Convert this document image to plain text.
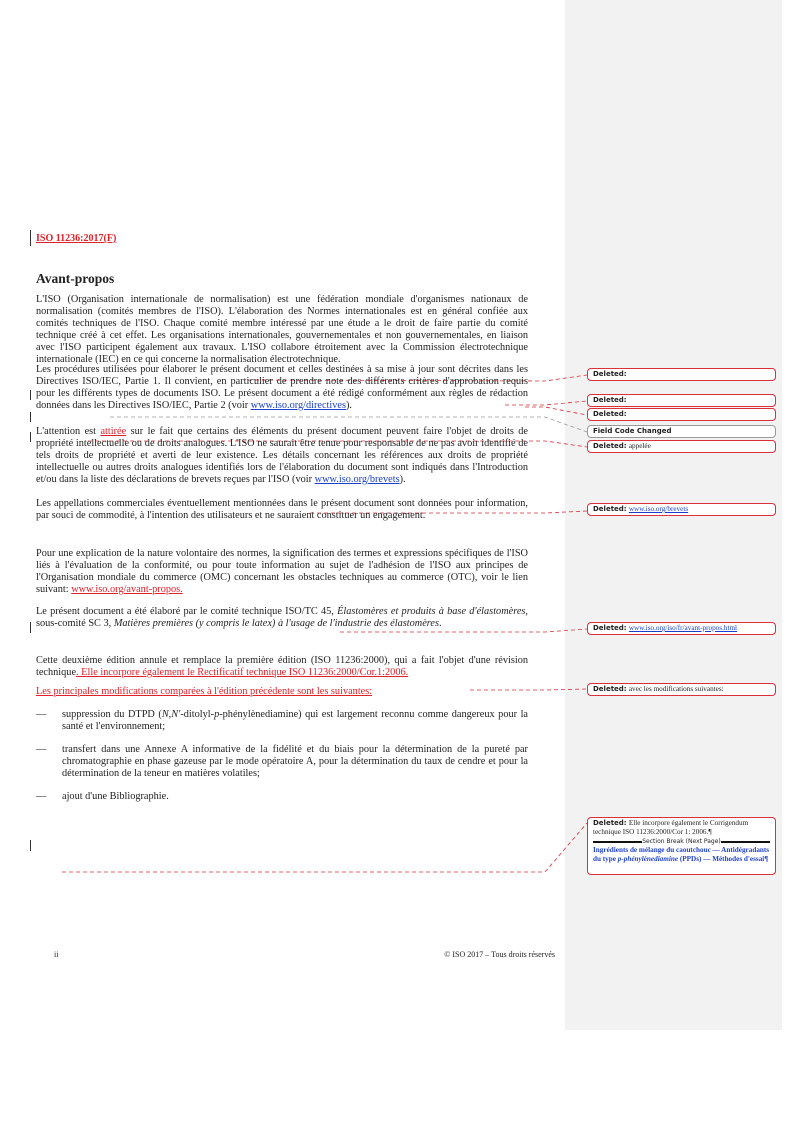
ISO 11236:2017(F)
Avant-propos
L'ISO (Organisation internationale de normalisation) est une fédération mondiale d'organismes nationaux de normalisation (comités membres de l'ISO). L'élaboration des Normes internationales est en général confiée aux comités techniques de l'ISO. Chaque comité membre intéressé par une étude a le droit de faire partie du comité technique créé à cet effet. Les organisations internationales, gouvernementales et non gouvernementales, en liaison avec l'ISO participent également aux travaux. L'ISO collabore étroitement avec la Commission électrotechnique internationale (IEC) en ce qui concerne la normalisation électrotechnique.
Les procédures utilisées pour élaborer le présent document et celles destinées à sa mise à jour sont décrites dans les Directives ISO/IEC, Partie 1. Il convient, en particulier de prendre note des différents critères d'approbation requis pour les différents types de documents ISO. Le présent document a été rédigé conformément aux règles de rédaction données dans les Directives ISO/IEC, Partie 2 (voir www.iso.org/directives).
L'attention est attirée sur le fait que certains des éléments du présent document peuvent faire l'objet de droits de propriété intellectuelle ou de droits analogues. L'ISO ne saurait être tenue pour responsable de ne pas avoir identifié de tels droits de propriété et averti de leur existence. Les détails concernant les références aux droits de propriété intellectuelle ou autres droits analogues identifiés lors de l'élaboration du document sont indiqués dans l'Introduction et/ou dans la liste des déclarations de brevets reçues par l'ISO (voir www.iso.org/brevets).
Les appellations commerciales éventuellement mentionnées dans le présent document sont données pour information, par souci de commodité, à l'intention des utilisateurs et ne sauraient constituer un engagement.
Pour une explication de la nature volontaire des normes, la signification des termes et expressions spécifiques de l'ISO liés à l'évaluation de la conformité, ou pour toute information au sujet de l'adhésion de l'ISO aux principes de l'Organisation mondiale du commerce (OMC) concernant les obstacles techniques au commerce (OTC), voir le lien suivant: www.iso.org/avant-propos.
Le présent document a été élaboré par le comité technique ISO/TC 45, Élastomères et produits à base d'élastomères, sous-comité SC 3, Matières premières (y compris le latex) à l'usage de l'industrie des élastomères.
Cette deuxième édition annule et remplace la première édition (ISO 11236:2000), qui a fait l'objet d'une révision technique. Elle incorpore également le Rectificatif technique ISO 11236:2000/Cor.1:2006.
Les principales modifications comparées à l'édition précédente sont les suivantes:
— suppression du DTPD (N,N'-ditolyl-p-phénylènediamine) qui est largement reconnu comme dangereux pour la santé et l'environnement;
— transfert dans une Annexe A informative de la fidélité et du biais pour la détermination de la pureté par chromatographie en phase gazeuse par le mode opératoire A, pour la détermination du taux de cendre et pour la détermination de la teneur en matières volatiles;
— ajout d'une Bibliographie.
ii	© ISO 2017 – Tous droits réservés
Deleted:
Deleted:
Deleted:
Field Code Changed
Deleted: appelée
Deleted: www.iso.org/brevets
Deleted: www.iso.org/iso/fr/avant-propos.html
Deleted: avec les modifications suivantes:
Deleted: Elle incorpore également le Corrigendum technique ISO 11236:2000/Cor 1: 2006.¶
Section Break (Next Page)
Ingrédients de mélange du caoutchouc — Antidégradants du type p-phénylènediamine (PPDs) — Méthodes d'essai¶
